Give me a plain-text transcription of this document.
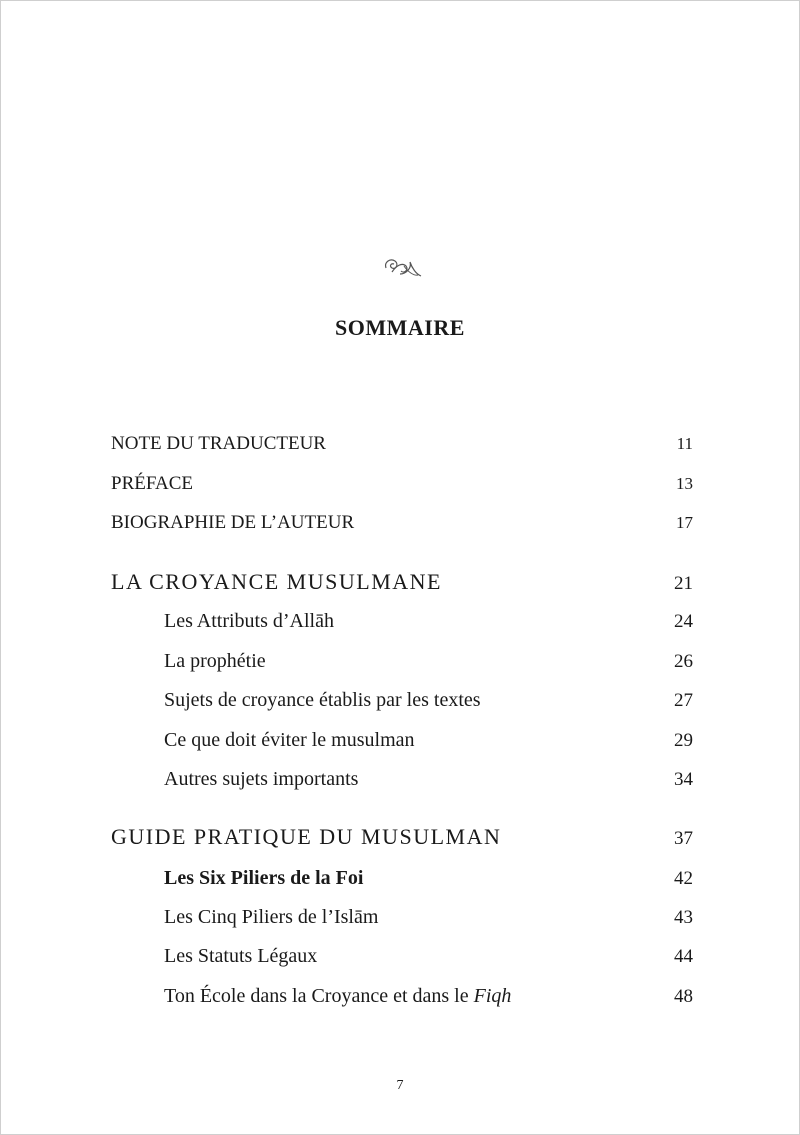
SOMMAIRE
NOTE DU TRADUCTEUR	11
PRÉFACE	13
BIOGRAPHIE DE L’AUTEUR	17
LA CROYANCE MUSULMANE	21
Les Attributs d’Allāh	24
La prophétie	26
Sujets de croyance établis par les textes	27
Ce que doit éviter le musulman	29
Autres sujets importants	34
GUIDE PRATIQUE DU MUSULMAN	37
Les Six Piliers de la Foi	42
Les Cinq Piliers de l’Islām	43
Les Statuts Légaux	44
Ton École dans la Croyance et dans le Fiqh	48
7
